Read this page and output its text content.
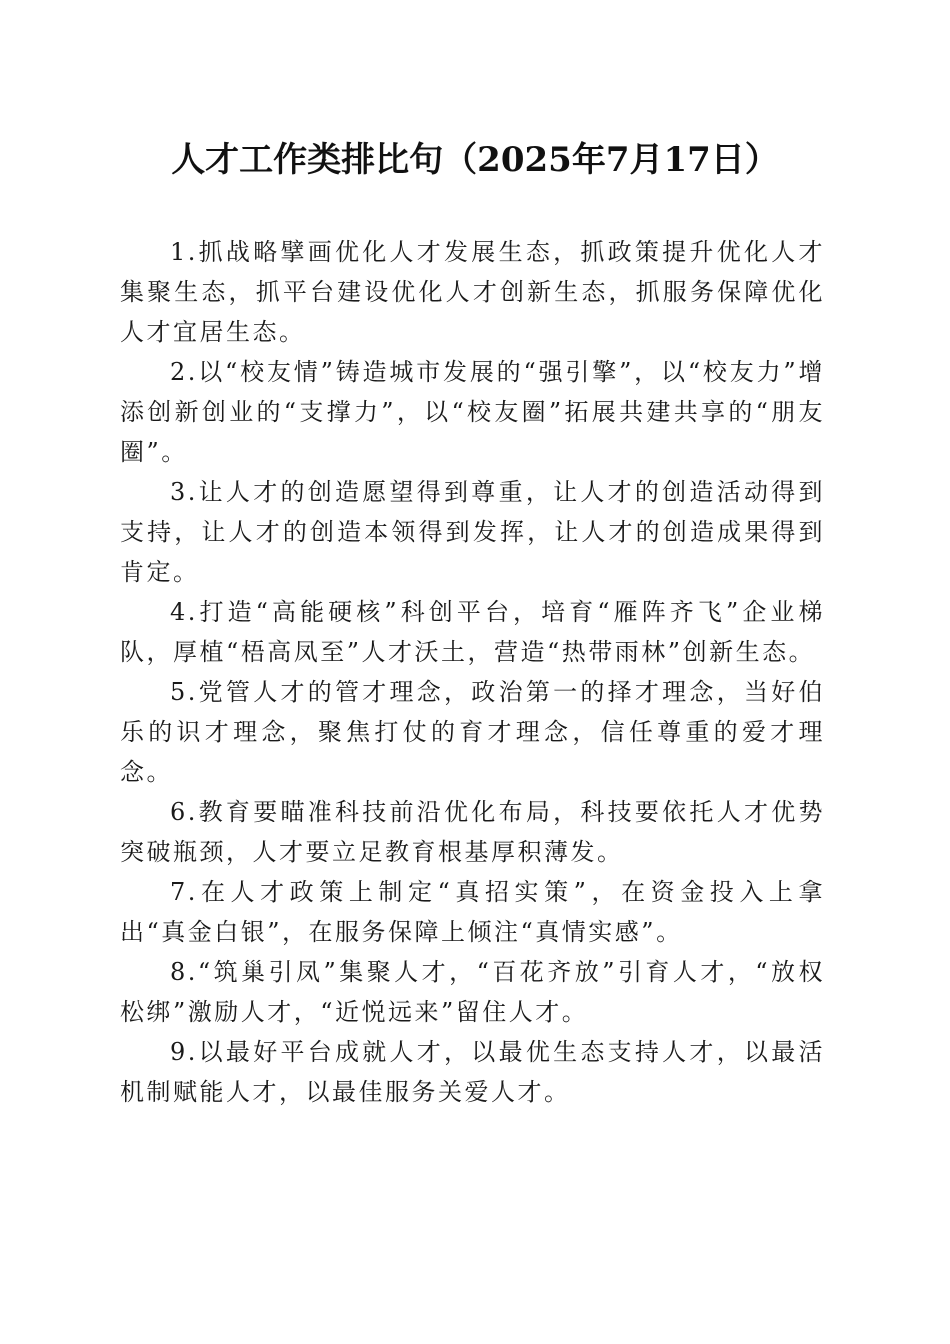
人才工作类排比句（2025年7月17日）

1.抓战略擘画优化人才发展生态，抓政策提升优化人才集聚生态，抓平台建设优化人才创新生态，抓服务保障优化人才宜居生态。

2.以“校友情”铸造城市发展的“强引擎”，以“校友力”增添创新创业的“支撑力”，以“校友圈”拓展共建共享的“朋友圈”。

3.让人才的创造愿望得到尊重，让人才的创造活动得到支持，让人才的创造本领得到发挥，让人才的创造成果得到肯定。

4.打造“高能硬核”科创平台，培育“雁阵齐飞”企业梯队，厚植“梧高凤至”人才沃土，营造“热带雨林”创新生态。

5.党管人才的管才理念，政治第一的择才理念，当好伯乐的识才理念，聚焦打仗的育才理念，信任尊重的爱才理念。

6.教育要瞄准科技前沿优化布局，科技要依托人才优势突破瓶颈，人才要立足教育根基厚积薄发。

7.在人才政策上制定“真招实策”，在资金投入上拿出“真金白银”，在服务保障上倾注“真情实感”。

8.“筑巢引凤”集聚人才，“百花齐放”引育人才，“放权松绑”激励人才，“近悦远来”留住人才。

9.以最好平台成就人才，以最优生态支持人才，以最活机制赋能人才，以最佳服务关爱人才。
